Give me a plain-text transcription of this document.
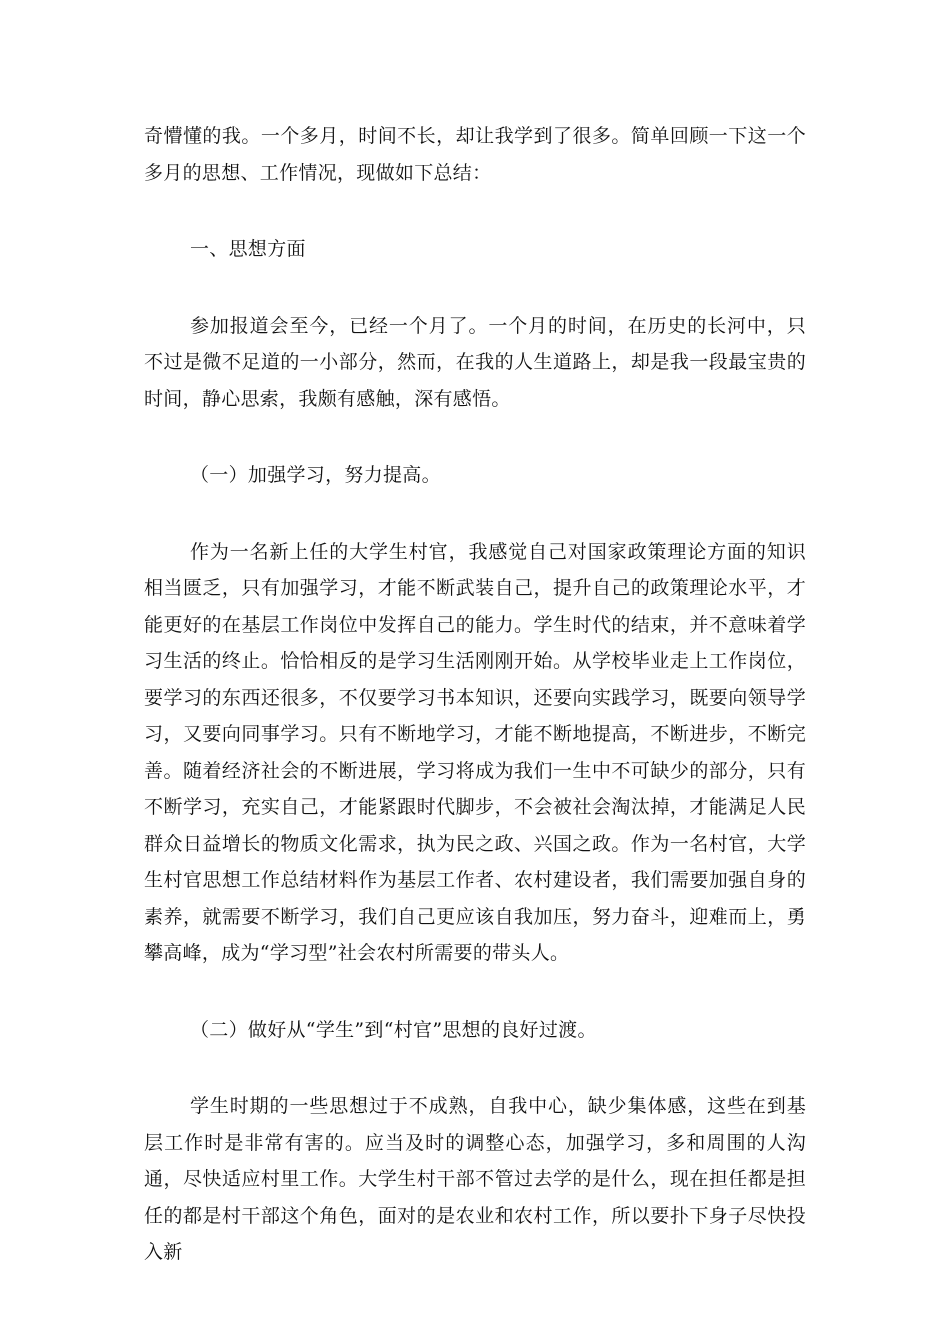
奇懵懂的我。一个多月，时间不长，却让我学到了很多。简单回顾一下这一个多月的思想、工作情况，现做如下总结：

一、思想方面

参加报道会至今，已经一个月了。一个月的时间，在历史的长河中，只不过是微不足道的一小部分，然而，在我的人生道路上，却是我一段最宝贵的时间，静心思索，我颇有感触，深有感悟。

（一）加强学习，努力提高。

作为一名新上任的大学生村官，我感觉自己对国家政策理论方面的知识相当匮乏，只有加强学习，才能不断武装自己，提升自己的政策理论水平，才能更好的在基层工作岗位中发挥自己的能力。学生时代的结束，并不意味着学习生活的终止。恰恰相反的是学习生活刚刚开始。从学校毕业走上工作岗位，要学习的东西还很多，不仅要学习书本知识，还要向实践学习，既要向领导学习，又要向同事学习。只有不断地学习，才能不断地提高，不断进步，不断完善。随着经济社会的不断进展，学习将成为我们一生中不可缺少的部分，只有不断学习，充实自己，才能紧跟时代脚步，不会被社会淘汰掉，才能满足人民群众日益增长的物质文化需求，执为民之政、兴国之政。作为一名村官，大学生村官思想工作总结材料作为基层工作者、农村建设者，我们需要加强自身的素养，就需要不断学习，我们自己更应该自我加压，努力奋斗，迎难而上，勇攀高峰，成为“学习型”社会农村所需要的带头人。

（二）做好从“学生”到“村官”思想的良好过渡。

学生时期的一些思想过于不成熟，自我中心，缺少集体感，这些在到基层工作时是非常有害的。应当及时的调整心态，加强学习，多和周围的人沟通，尽快适应村里工作。大学生村干部不管过去学的是什么，现在担任都是担任的都是村干部这个角色，面对的是农业和农村工作，所以要扑下身子尽快投入新
